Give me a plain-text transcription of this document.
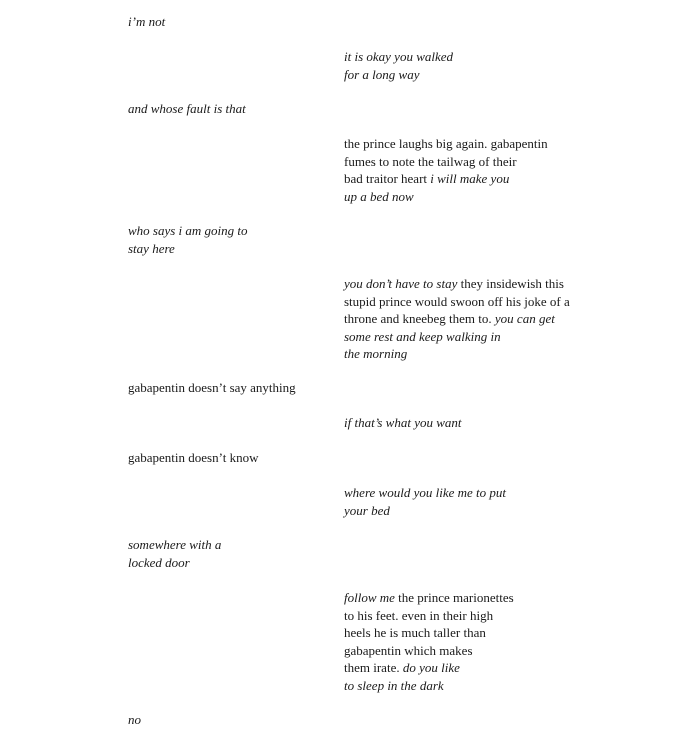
i’m not

it is okay you walked
for a long way

and whose fault is that

the prince laughs big again. gabapentin
fumes to note the tailwag of their
bad traitor heart i will make you
up a bed now

who says i am going to
stay here

you don’t have to stay they insidewish this
stupid prince would swoon off his joke of a
throne and kneebeg them to. you can get
some rest and keep walking in
the morning

gabapentin doesn’t say anything

if that’s what you want

gabapentin doesn’t know

where would you like me to put
your bed

somewhere with a
locked door

follow me the prince marionettes
to his feet. even in their high
heels he is much taller than
gabapentin which makes
them irate. do you like
to sleep in the dark

no
